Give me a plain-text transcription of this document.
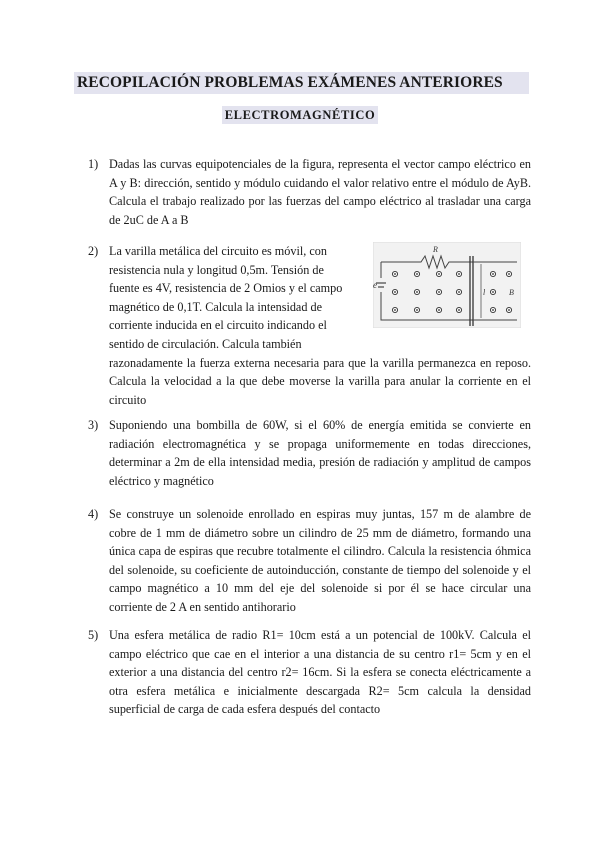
RECOPILACIÓN PROBLEMAS EXÁMENES ANTERIORES
ELECTROMAGNÉTICO
1) Dadas las curvas equipotenciales de la figura, representa el vector campo eléctrico en A y B: dirección, sentido y módulo cuidando el valor relativo entre el módulo de AyB. Calcula el trabajo realizado por las fuerzas del campo eléctrico al trasladar una carga de 2uC de A a B
2) La varilla metálica del circuito es móvil, con
resistencia nula y longitud 0,5m. Tensión de
fuente es 4V, resistencia de 2 Omios y el campo
magnético de 0,1T. Calcula la intensidad de
corriente inducida en el circuito indicando el
sentido de circulación. Calcula también
razonadamente la fuerza externa necesaria para que la varilla permanezca en reposo. Calcula la velocidad a la que debe moverse la varilla para anular la corriente en el circuito
R
e
l	B
3) Suponiendo una bombilla de 60W, si el 60% de energía emitida se convierte en radiación electromagnética y se propaga uniformemente en todas direcciones, determinar a 2m de ella intensidad media, presión de radiación y amplitud de campos eléctrico y magnético
4) Se construye un solenoide enrollado en espiras muy juntas, 157 m de alambre de cobre de 1 mm de diámetro sobre un cilindro de 25 mm de diámetro, formando una única capa de espiras que recubre totalmente el cilindro. Calcula la resistencia óhmica del solenoide, su coeficiente de autoinducción, constante de tiempo del solenoide y el campo magnético a 10 mm del eje del solenoide si por él se hace circular una corriente de 2 A en sentido antihorario
5) Una esfera metálica de radio R1= 10cm está a un potencial de 100kV. Calcula el campo eléctrico que cae en el interior a una distancia de su centro r1= 5cm y en el exterior a una distancia del centro r2= 16cm. Si la esfera se conecta eléctricamente a otra esfera metálica e inicialmente descargada R2= 5cm calcula la densidad superficial de carga de cada esfera después del contacto
